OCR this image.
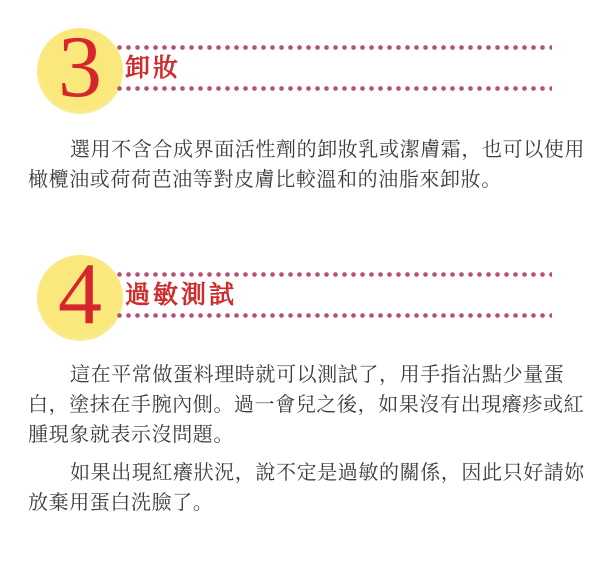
3 卸妝
選用不含合成界面活性劑的卸妝乳或潔膚霜，也可以使用
橄欖油或荷荷芭油等對皮膚比較溫和的油脂來卸妝。
4 過敏測試
這在平常做蛋料理時就可以測試了，用手指沾點少量蛋
白，塗抹在手腕內側。過一會兒之後，如果沒有出現癢疹或紅
腫現象就表示沒問題。
如果出現紅癢狀況，說不定是過敏的關係，因此只好請妳
放棄用蛋白洗臉了。
